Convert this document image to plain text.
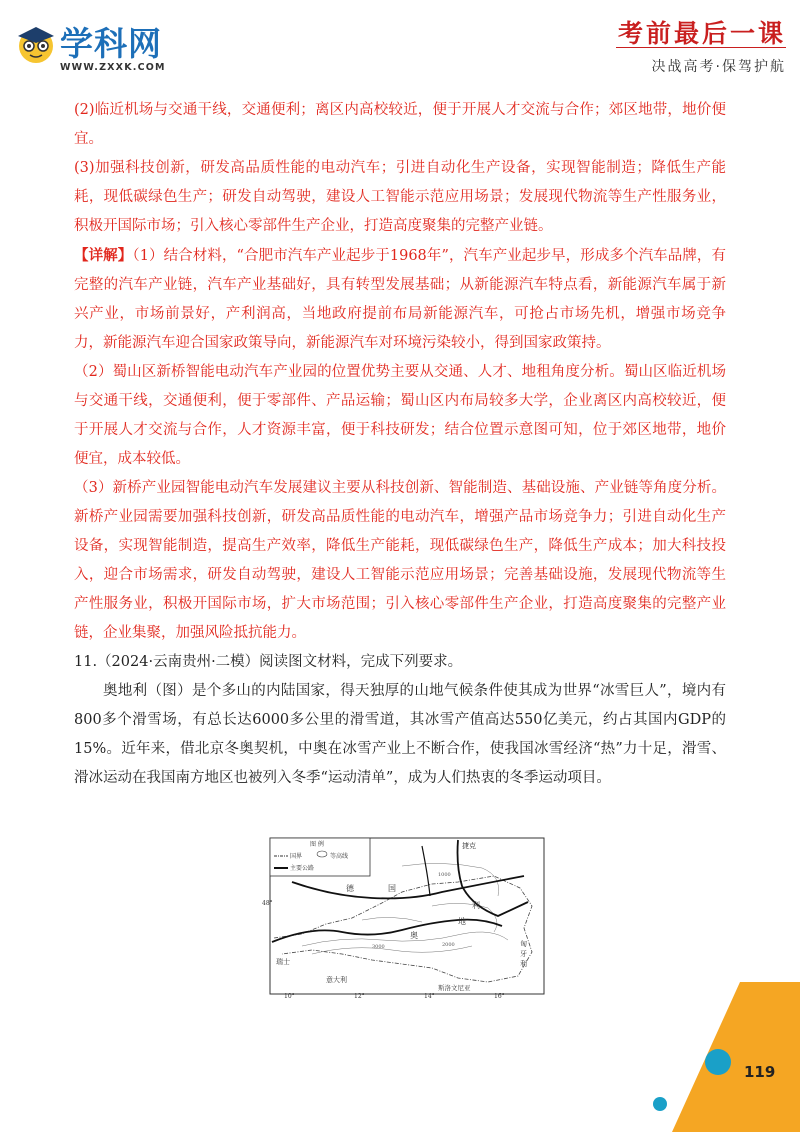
学科网
WWW.ZXXK.COM
考前最后一课
决战高考·保驾护航

(2)临近机场与交通干线，交通便利；离区内高校较近，便于开展人才交流与合作；郊区地带，地价便宜。

(3)加强科技创新，研发高品质性能的电动汽车；引进自动化生产设备，实现智能制造；降低生产能耗，现低碳绿色生产；研发自动驾驶，建设人工智能示范应用场景；发展现代物流等生产性服务业，积极开国际市场；引入核心零部件生产企业，打造高度聚集的完整产业链。

【详解】（1）结合材料，“合肥市汽车产业起步于1968年”，汽车产业起步早，形成多个汽车品牌，有完整的汽车产业链，汽车产业基础好，具有转型发展基础；从新能源汽车特点看，新能源汽车属于新兴产业，市场前景好，产利润高，当地政府提前布局新能源汽车，可抢占市场先机，增强市场竞争力，新能源汽车迎合国家政策导向，新能源汽车对环境污染较小，得到国家政策持。

（2）蜀山区新桥智能电动汽车产业园的位置优势主要从交通、人才、地租角度分析。蜀山区临近机场与交通干线，交通便利，便于零部件、产品运输；蜀山区内布局较多大学，企业离区内高校较近，便于开展人才交流与合作，人才资源丰富，便于科技研发；结合位置示意图可知，位于郊区地带，地价便宜，成本较低。

（3）新桥产业园智能电动汽车发展建议主要从科技创新、智能制造、基础设施、产业链等角度分析。新桥产业园需要加强科技创新，研发高品质性能的电动汽车，增强产品市场竞争力；引进自动化生产设备，实现智能制造，提高生产效率，降低生产能耗，现低碳绿色生产，降低生产成本；加大科技投入，迎合市场需求，研发自动驾驶，建设人工智能示范应用场景；完善基础设施，发展现代物流等生产性服务业，积极开国际市场，扩大市场范围；引入核心零部件生产企业，打造高度聚集的完整产业链，企业集聚，加强风险抵抗能力。

11.（2024·云南贵州·二模）阅读图文材料，完成下列要求。

奥地利（图）是个多山的内陆国家，得天独厚的山地气候条件使其成为世界“冰雪巨人”，境内有800多个滑雪场，有总长达6000多公里的滑雪道，其冰雪产值高达550亿美元，约占其国内GDP的15%。近年来，借北京冬奥契机，中奥在冰雪产业上不断合作，使我国冰雪经济“热”力十足，滑雪、滑冰运动在我国南方地区也被列入冬季“运动清单”，成为人们热衷的冬季运动项目。

图 例
国界	等高线
主要公路
德	国
捷克
利
奥
地
匈
牙
利
瑞士
意大利
斯洛文尼亚
1000
2000
3000
48°
10°	12°	14°	16°
119
